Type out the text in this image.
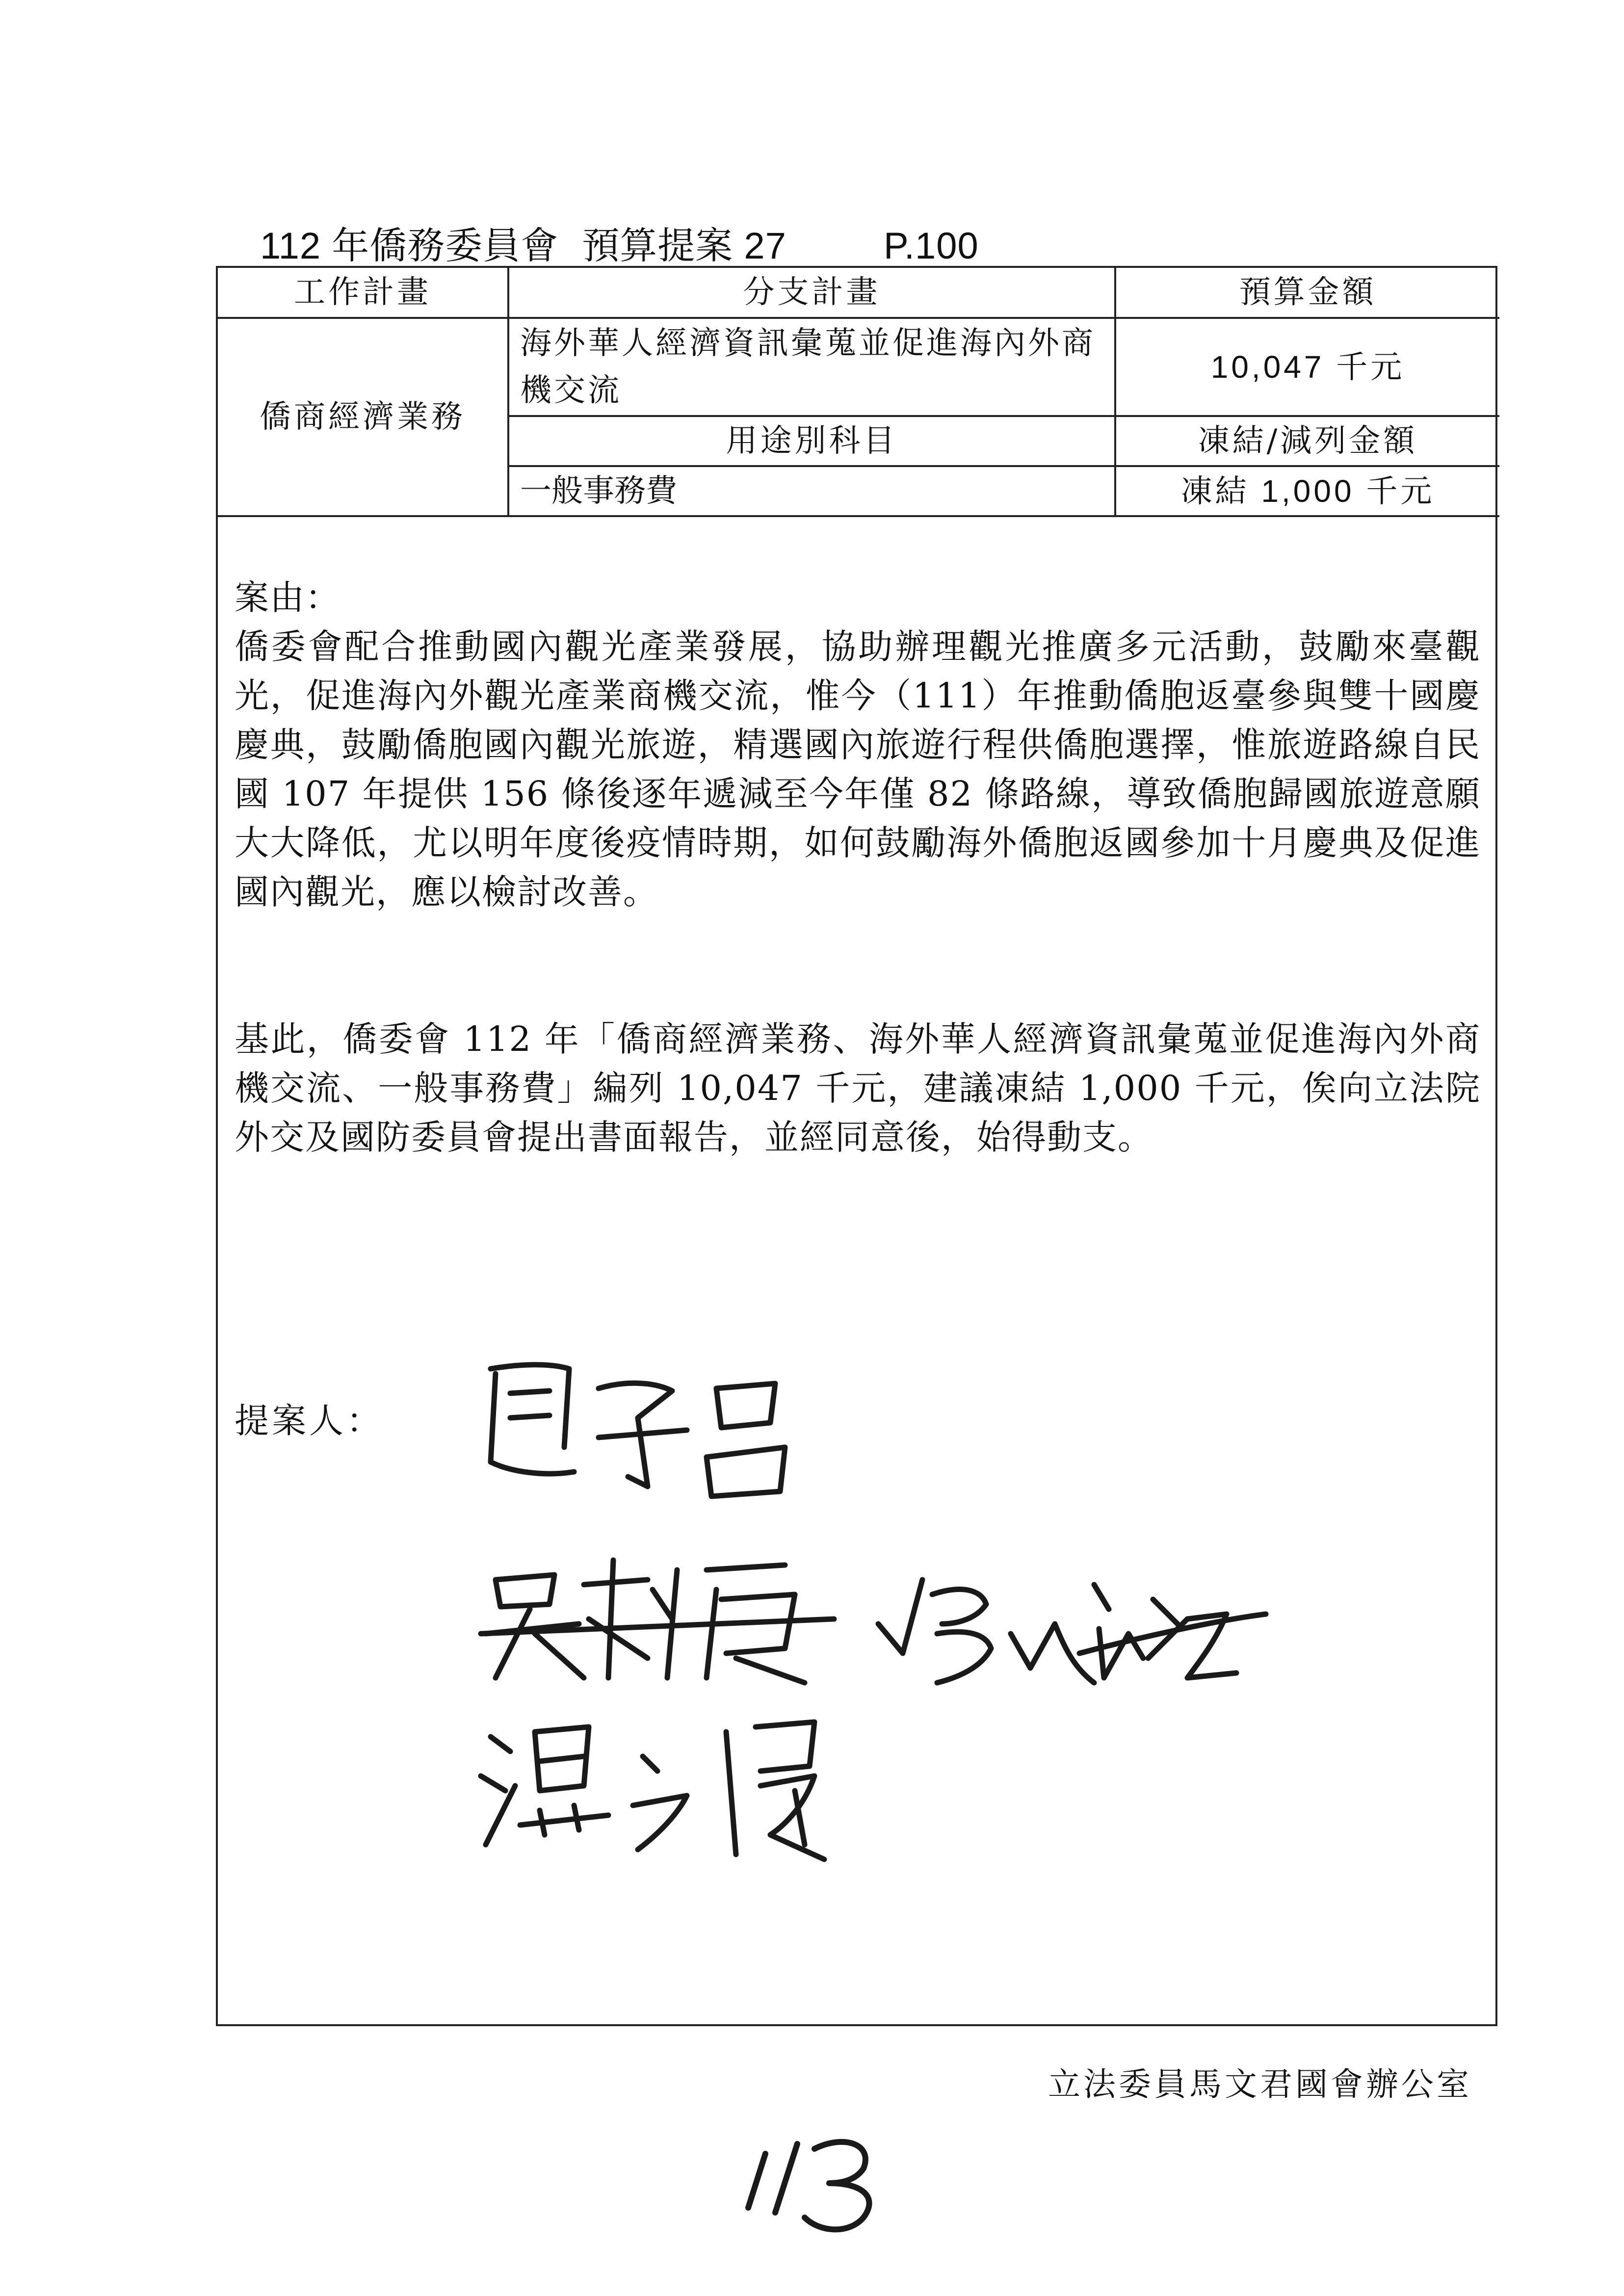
112 年僑務委員會 預算提案 27	P.100
工作計畫	分支計畫	預算金額
僑商經濟業務	海外華人經濟資訊彙蒐並促進海內外商機交流	10,047 千元
	用途別科目	凍結/減列金額
	一般事務費	凍結 1,000 千元

案由：

僑委會配合推動國內觀光產業發展，協助辦理觀光推廣多元活動，鼓勵來臺觀光，促進海內外觀光產業商機交流，惟今（111）年推動僑胞返臺參與雙十國慶慶典，鼓勵僑胞國內觀光旅遊，精選國內旅遊行程供僑胞選擇，惟旅遊路線自民國 107 年提供 156 條後逐年遞減至今年僅 82 條路線，導致僑胞歸國旅遊意願大大降低，尤以明年度後疫情時期，如何鼓勵海外僑胞返國參加十月慶典及促進國內觀光，應以檢討改善。

基此，僑委會 112 年「僑商經濟業務、海外華人經濟資訊彙蒐並促進海內外商機交流、一般事務費」編列 10,047 千元，建議凍結 1,000 千元，俟向立法院外交及國防委員會提出書面報告，並經同意後，始得動支。

提案人：
立法委員馬文君國會辦公室
